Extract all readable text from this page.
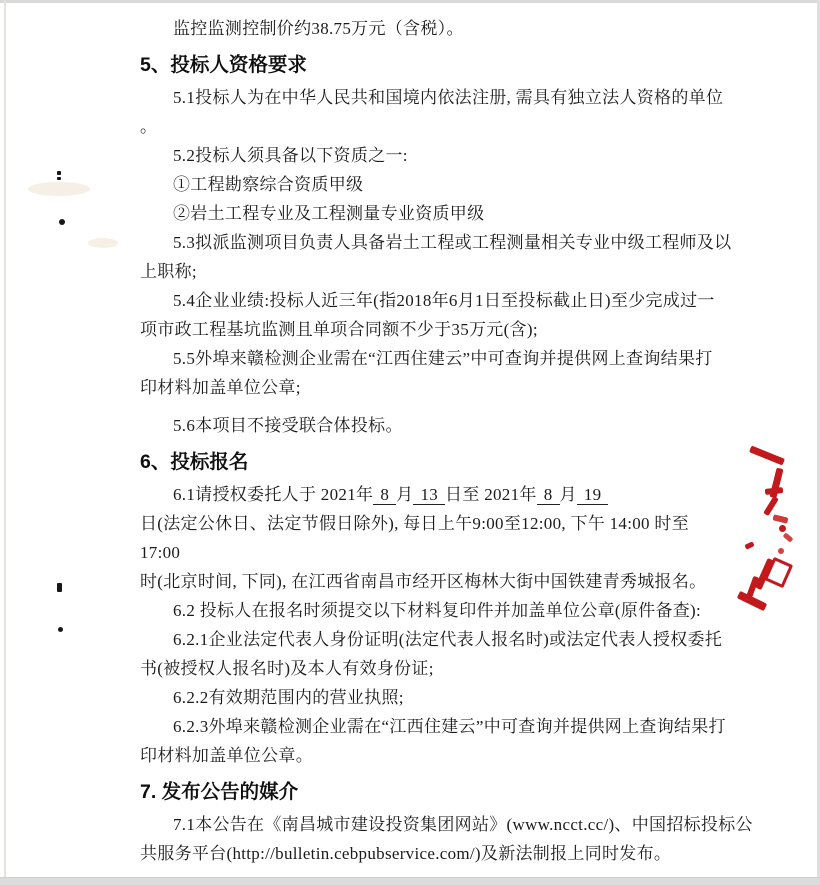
监控监测控制价约38.75万元（含税）。
5、投标人资格要求
5.1投标人为在中华人民共和国境内依法注册, 需具有独立法人资格的单位
。
5.2投标人须具备以下资质之一:
①工程勘察综合资质甲级
②岩土工程专业及工程测量专业资质甲级
5.3拟派监测项目负责人具备岩土工程或工程测量相关专业中级工程师及以
上职称;
5.4企业业绩:投标人近三年(指2018年6月1日至投标截止日)至少完成过一
项市政工程基坑监测且单项合同额不少于35万元(含);
5.5外埠来赣检测企业需在“江西住建云”中可查询并提供网上查询结果打
印材料加盖单位公章;
5.6本项目不接受联合体投标。
6、投标报名
6.1请授权委托人于 2021年 8 月 13 日至 2021年 8 月 19
日(法定公休日、法定节假日除外), 每日上午9:00至12:00, 下午 14:00 时至
17:00
时(北京时间, 下同), 在江西省南昌市经开区梅林大街中国铁建青秀城报名。
6.2 投标人在报名时须提交以下材料复印件并加盖单位公章(原件备查):
6.2.1企业法定代表人身份证明(法定代表人报名时)或法定代表人授权委托
书(被授权人报名时)及本人有效身份证;
6.2.2有效期范围内的营业执照;
6.2.3外埠来赣检测企业需在“江西住建云”中可查询并提供网上查询结果打
印材料加盖单位公章。
7. 发布公告的媒介
7.1本公告在《南昌城市建设投资集团网站》(www.ncct.cc/)、中国招标投标公
共服务平台(http://bulletin.cebpubservice.com/)及新法制报上同时发布。
